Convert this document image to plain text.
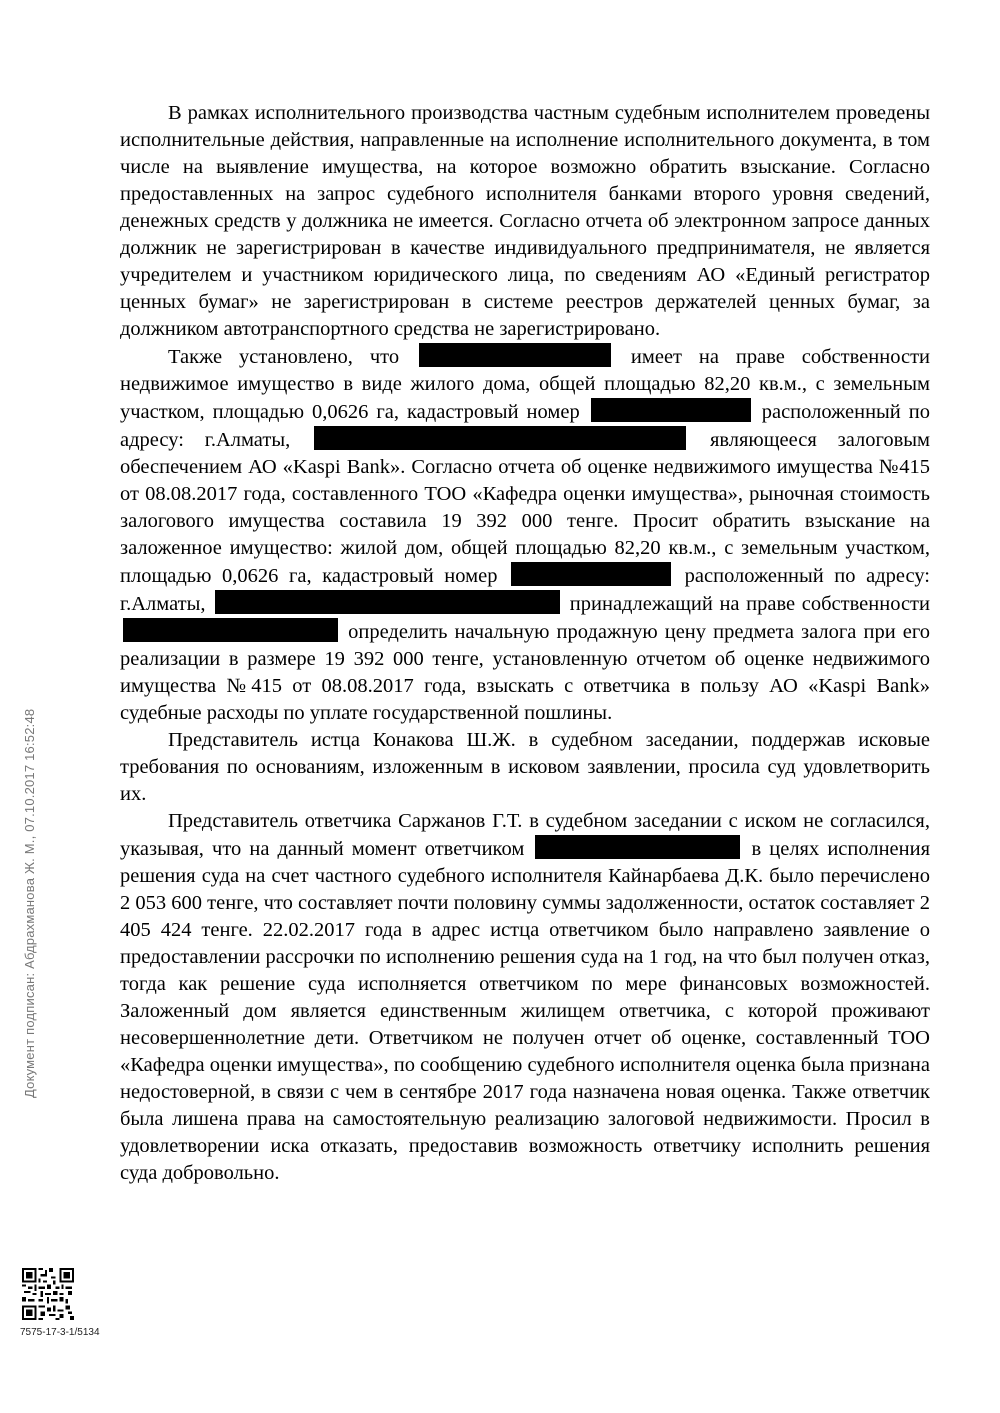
В рамках исполнительного производства частным судебным исполнителем проведены исполнительные действия, направленные на исполнение исполнительного документа, в том числе на выявление имущества, на которое возможно обратить взыскание. Согласно предоставленных на запрос судебного исполнителя банками второго уровня сведений, денежных средств у должника не имеется. Согласно отчета об электронном запросе данных должник не зарегистрирован в качестве индивидуального предпринимателя, не является учредителем и участником юридического лица, по сведениям АО «Единый регистратор ценных бумаг» не зарегистрирован в системе реестров держателей ценных бумаг, за должником автотранспортного средства не зарегистрировано.

Также установлено, что	имеет на праве собственности недвижимое имущество в виде жилого дома, общей площадью 82,20 кв.м., с земельным участком, площадью 0,0626 га, кадастровый номер	расположенный по адресу: г.Алматы,	являющееся залоговым обеспечением АО «Kaspi Bank». Согласно отчета об оценке недвижимого имущества №415 от 08.08.2017 года, составленного ТОО «Кафедра оценки имущества», рыночная стоимость залогового имущества составила 19 392 000 тенге. Просит обратить взыскание на заложенное имущество: жилой дом, общей площадью 82,20 кв.м., с земельным участком, площадью 0,0626 га, кадастровый номер	расположенный по адресу: г.Алматы,	принадлежащий на праве собственности  определить начальную продажную цену предмета залога при его реализации в размере 19 392 000 тенге, установленную отчетом об оценке недвижимого имущества №415 от 08.08.2017 года, взыскать с ответчика в пользу АО «Kaspi Bank» судебные расходы по уплате государственной пошлины.

Представитель истца Конакова Ш.Ж. в судебном заседании, поддержав исковые требования по основаниям, изложенным в исковом заявлении, просила суд удовлетворить их.

Представитель ответчика Саржанов Г.Т. в судебном заседании с иском не согласился, указывая, что на данный момент ответчиком	в целях исполнения решения суда на счет частного судебного исполнителя Кайнарбаева Д.К. было перечислено 2 053 600 тенге, что составляет почти половину суммы задолженности, остаток составляет 2 405 424 тенге. 22.02.2017 года в адрес истца ответчиком было направлено заявление о предоставлении рассрочки по исполнению решения суда на 1 год, на что был получен отказ, тогда как решение суда исполняется ответчиком по мере финансовых возможностей. Заложенный дом является единственным жилищем ответчика, с которой проживают несовершеннолетние дети. Ответчиком не получен отчет об оценке, составленный ТОО «Кафедра оценки имущества», по сообщению судебного исполнителя оценка была признана недостоверной, в связи с чем в сентябре 2017 года назначена новая оценка. Также ответчик была лишена права на самостоятельную реализацию залоговой недвижимости. Просил в удовлетворении иска отказать, предоставив возможность ответчику исполнить решения суда добровольно.

Документ подписан: Абдрахманова Ж. М., 07.10.2017 16:52:48
7575-17-3-1/5134
